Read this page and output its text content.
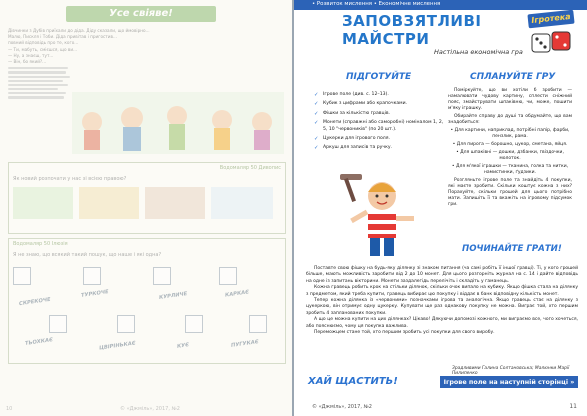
Усе свіяве!
Дівчинки з Дубів приїхали до діда. Діду сказали, що ймовірно...
Малю, Пискля і Тоби. Діда привітав і пригостив...
повний відповідь про те, кого...
— Ти, мабуть, смієшся, що ви...
— Ну, а знаєш, тут...
— Він, бо який?...
Водомаляр 50 Дивопис
Як новий розпочати у нас зі всією правою?
Водомаляр 50 Ілюзія
Я не знаю, що всякий такий пошук, що наше і які одна?
СКРЕКОЧЕ
ТУРКОЧЕ	КУРЛИЧЕ	КАРКАЄ
ТЬОХКАЄ	ЦВІРІНЬКАЄ	КУЄ	ПУГУКАЄ
10	© «Джміль», 2017, №2
• Розвиток мислення • Економічне мислення
ЗАПОВЗЯТЛИВІ
МАЙСТРИ
Настільна економічна гра
Ігротека
ПІДГОТУЙТЕ	СПЛАНУЙТЕ ГРУ
✓ Ігрове поле (див. с. 12–13).
✓ Кубик з цифрами або крапочками.
✓ Фішки за кількістю гравців.
✓ Монети (справжні або саморобні) номіналом 1, 2, 5, 10 "червоників" (по 20 шт.).
✓ Цукерки для ігрового поля.
✓ Аркуш для записів та ручку.

Поміркуйте, що ви хотіли б зробити — намалювати чудову картину, сплести сніжний пояс, змайструвати шпаківню, чи, може, пошити м'яку іграшку.

Обирайте справу до душі та обдумайте, що вам знадобиться:

• Для картини, наприклад, потрібні папір, фарби, пензлик, рама.

• Для пирога — борошно, цукор, сметана, яйця.

• Для шпаківні — дошки, дзбанки, гвіздочки, молоток.

• Для м'якої іграшки — тканина, голка та нитки, намистинки, ґудзики.

Розгляньте ігрове поле та знайдіть 4 покупки, які маєте зробити. Скільки коштує кожна з них? Порахуйте, скільки грошей для цього потрібно мати. Запишіть її та вкажіть на ігровому підсумок гри.

ПОЧИНАЙТЕ ГРАТИ!

Поставте свою фішку на будь-яку ділянку зі знаком питання (ча самі робіть її іншої гравці). Ті, у кого грошей більше, мають можливість заробити від 2 до 10 монет. Для цього розгорніть журнал на с. 14 і дайте відповідь на одне із запитань вікторини. Монети заздалегідь перелічіть і складіть у гаманець.

Кожна гравець робить крок на стільки ділянок, скільки очок випало на кубику. Якщо фішка стала на ділянку з предметом, який треба купити, гравець вибирає цю покупку і віддає в банк відповідну кількість монет.

Тепер кожна ділянка із «червоними» позначками ігрова та аналогічна. Якщо гравець стає на ділянку з цукеркою, він отримує одну цукерку. Купувати ще раз однакову покупку не можна. Виграє той, хто першим зробить 4 запланованих покупки.

А що це можна купити на цих ділянках? Цікаво! Дякуючи допомозі кожного, ми виграємо все, чого хочеться, або пояснюємо, чому ця покупка важлива.

Переможцем стане той, хто першим зробить усі покупки для свого виробу.

Зрадливими Галина Солтановська; Малюнки Марії Пилипенко
ХАЙ ЩАСТИТЬ!	Ігрове поле на наступній сторінці »
© «Джміль», 2017, №2	11
